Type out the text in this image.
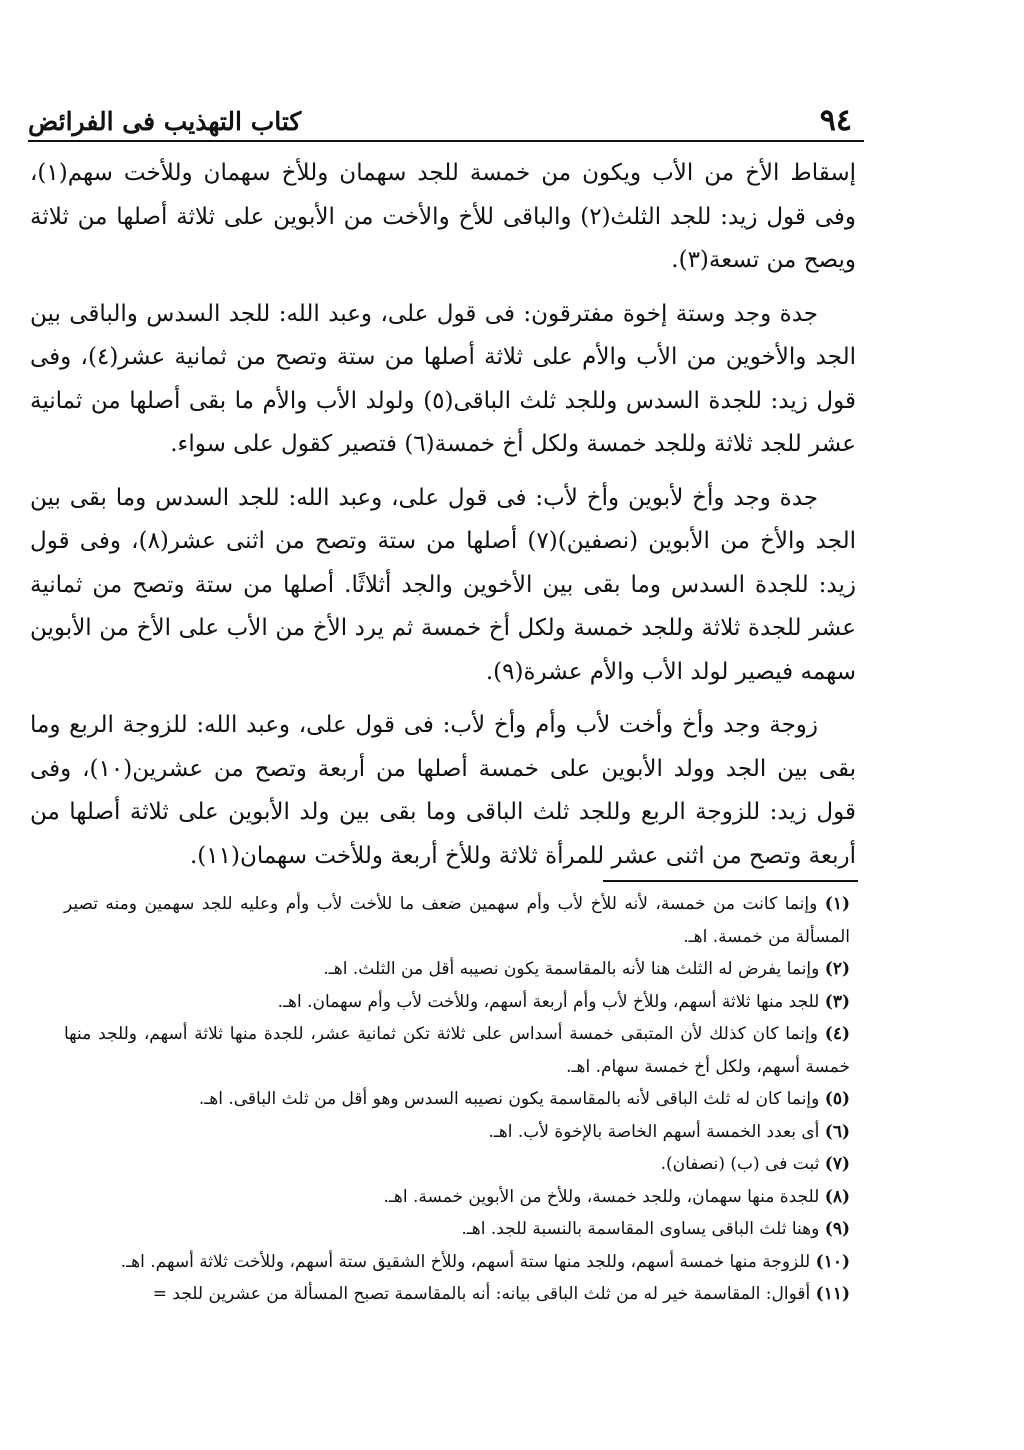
كتاب التهذيب فى الفرائض	٩٤

إسقاط الأخ من الأب ويكون من خمسة للجد سهمان وللأخ سهمان وللأخت سهم(١)، وفى قول زيد: للجد الثلث(٢) والباقى للأخ والأخت من الأبوين على ثلاثة أصلها من ثلاثة ويصح من تسعة(٣).

جدة وجد وستة إخوة مفترقون: فى قول على، وعبد الله: للجد السدس والباقى بين الجد والأخوين من الأب والأم على ثلاثة أصلها من ستة وتصح من ثمانية عشر(٤)، وفى قول زيد: للجدة السدس وللجد ثلث الباقى(٥) ولولد الأب والأم ما بقى أصلها من ثمانية عشر للجد ثلاثة وللجد خمسة ولكل أخ خمسة(٦) فتصير كقول على سواء.

جدة وجد وأخ لأبوين وأخ لأب: فى قول على، وعبد الله: للجد السدس وما بقى بين الجد والأخ من الأبوين (نصفين)(٧) أصلها من ستة وتصح من اثنى عشر(٨)، وفى قول زيد: للجدة السدس وما بقى بين الأخوين والجد أثلاثًا. أصلها من ستة وتصح من ثمانية عشر للجدة ثلاثة وللجد خمسة ولكل أخ خمسة ثم يرد الأخ من الأب على الأخ من الأبوين سهمه فيصير لولد الأب والأم عشرة(٩).

زوجة وجد وأخ وأخت لأب وأم وأخ لأب: فى قول على، وعبد الله: للزوجة الربع وما بقى بين الجد وولد الأبوين على خمسة أصلها من أربعة وتصح من عشرين(١٠)، وفى قول زيد: للزوجة الربع وللجد ثلث الباقى وما بقى بين ولد الأبوين على ثلاثة أصلها من أربعة وتصح من اثنى عشر للمرأة ثلاثة وللأخ أربعة وللأخت سهمان(١١).

(١) وإنما كانت من خمسة، لأنه للأخ لأب وأم سهمين ضعف ما للأخت لأب وأم وعليه للجد سهمين ومنه تصير المسألة من خمسة. اهـ.

(٢) وإنما يفرض له الثلث هنا لأنه بالمقاسمة يكون نصيبه أقل من الثلث. اهـ.

(٣) للجد منها ثلاثة أسهم، وللأخ لأب وأم أربعة أسهم، وللأخت لأب وأم سهمان. اهـ.

(٤) وإنما كان كذلك لأن المتبقى خمسة أسداس على ثلاثة تكن ثمانية عشر، للجدة منها ثلاثة أسهم، وللجد منها خمسة أسهم، ولكل أخ خمسة سهام. اهـ.

(٥) وإنما كان له ثلث الباقى لأنه بالمقاسمة يكون نصيبه السدس وهو أقل من ثلث الباقى. اهـ.

(٦) أى بعدد الخمسة أسهم الخاصة بالإخوة لأب. اهـ.

(٧) ثبت فى (ب) (نصفان).

(٨) للجدة منها سهمان، وللجد خمسة، وللأخ من الأبوين خمسة. اهـ.

(٩) وهنا ثلث الباقى يساوى المقاسمة بالنسبة للجد. اهـ.

(١٠) للزوجة منها خمسة أسهم، وللجد منها ستة أسهم، وللأخ الشقيق ستة أسهم، وللأخت ثلاثة أسهم. اهـ.

(١١) أقوال: المقاسمة خير له من ثلث الباقى بيانه: أنه بالمقاسمة تصبح المسألة من عشرين للجد =
